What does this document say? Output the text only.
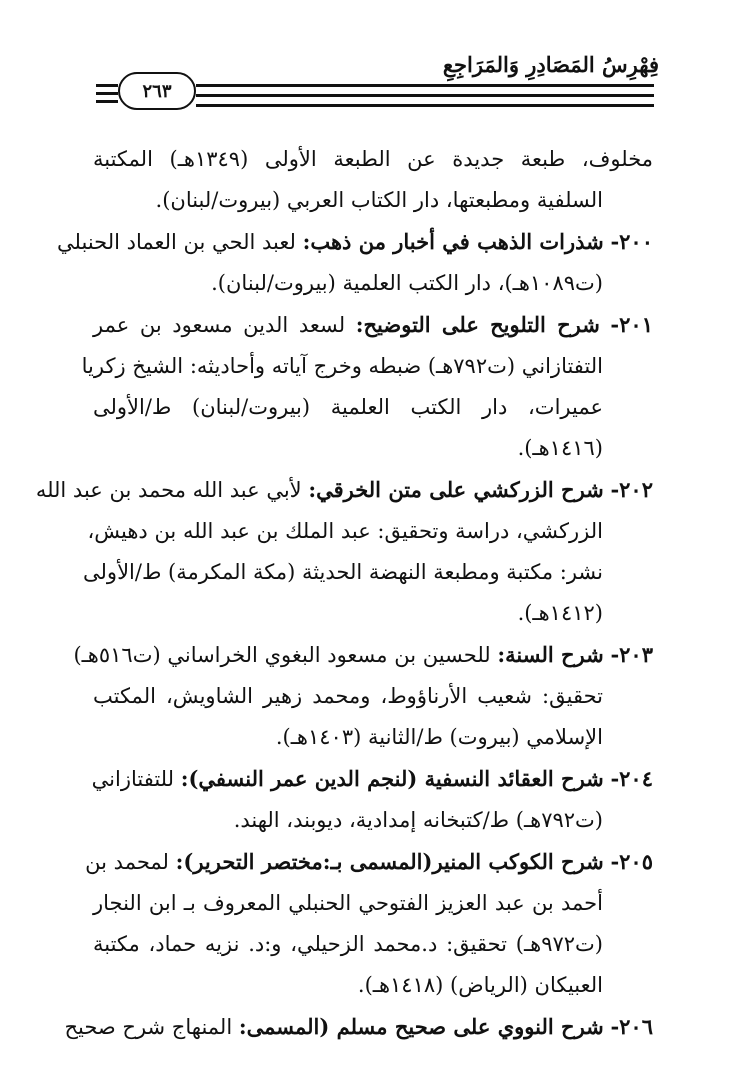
فِهْرِسُ المَصَادِرِ وَالمَرَاجِعِ
٢٦٣
مخلوف، طبعة جديدة عن الطبعة الأولى (١٣٤٩هـ) المكتبة
السلفية ومطبعتها، دار الكتاب العربي (بيروت/لبنان).
٢٠٠- شذرات الذهب في أخبار من ذهب: لعبد الحي بن العماد الحنبلي
(ت١٠٨٩هـ)، دار الكتب العلمية (بيروت/لبنان).
٢٠١- شرح التلويح على التوضيح: لسعد الدين مسعود بن عمر
التفتازاني (ت٧٩٢هـ) ضبطه وخرج آياته وأحاديثه: الشيخ زكريا
عميرات، دار الكتب العلمية (بيروت/لبنان) ط/الأولى
(١٤١٦هـ).
٢٠٢- شرح الزركشي على متن الخرقي: لأبي عبد الله محمد بن عبد الله
الزركشي، دراسة وتحقيق: عبد الملك بن عبد الله بن دهيش،
نشر: مكتبة ومطبعة النهضة الحديثة (مكة المكرمة) ط/الأولى
(١٤١٢هـ).
٢٠٣- شرح السنة: للحسين بن مسعود البغوي الخراساني (ت٥١٦هـ)
تحقيق: شعيب الأرناؤوط، ومحمد زهير الشاويش، المكتب
الإسلامي (بيروت) ط/الثانية (١٤٠٣هـ).
٢٠٤- شرح العقائد النسفية (لنجم الدين عمر النسفي): للتفتازاني
(ت٧٩٢هـ) ط/كتبخانه إمدادية، ديوبند، الهند.
٢٠٥- شرح الكوكب المنير(المسمى بـ:مختصر التحرير): لمحمد بن
أحمد بن عبد العزيز الفتوحي الحنبلي المعروف بـ ابن النجار
(ت٩٧٢هـ) تحقيق: د.محمد الزحيلي، و:د. نزيه حماد، مكتبة
العبيكان (الرياض) (١٤١٨هـ).
٢٠٦- شرح النووي على صحيح مسلم (المسمى: المنهاج شرح صحيح
